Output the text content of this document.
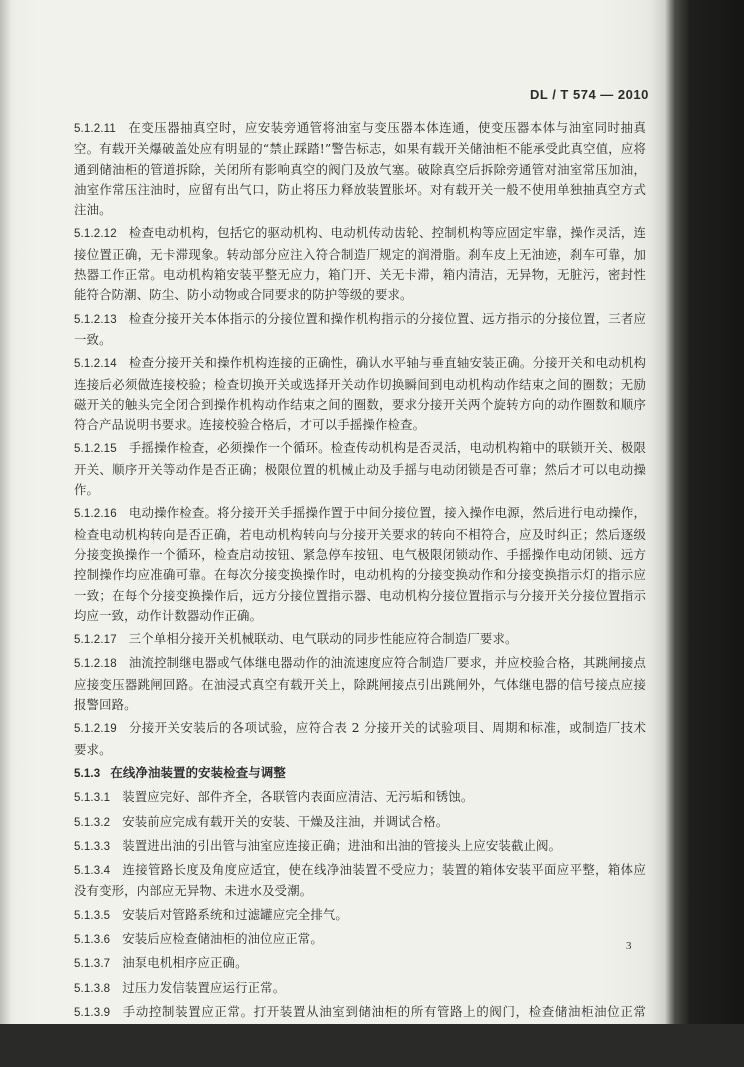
DL / T 574 — 2010

5.1.2.11 在变压器抽真空时，应安装旁通管将油室与变压器本体连通，使变压器本体与油室同时抽真空。有载开关爆破盖处应有明显的“禁止踩踏!”警告标志，如果有载开关储油柜不能承受此真空值，应将通到储油柜的管道拆除，关闭所有影响真空的阀门及放气塞。破除真空后拆除旁通管对油室常压加油，油室作常压注油时，应留有出气口，防止将压力释放装置胀坏。对有载开关一般不使用单独抽真空方式注油。

5.1.2.12 检查电动机构，包括它的驱动机构、电动机传动齿轮、控制机构等应固定牢靠，操作灵活，连接位置正确，无卡滞现象。转动部分应注入符合制造厂规定的润滑脂。刹车皮上无油迹，刹车可靠，加热器工作正常。电动机构箱安装平整无应力，箱门开、关无卡滞，箱内清洁，无异物，无脏污，密封性能符合防潮、防尘、防小动物或合同要求的防护等级的要求。

5.1.2.13 检查分接开关本体指示的分接位置和操作机构指示的分接位置、远方指示的分接位置，三者应一致。

5.1.2.14 检查分接开关和操作机构连接的正确性，确认水平轴与垂直轴安装正确。分接开关和电动机构连接后必须做连接校验；检查切换开关或选择开关动作切换瞬间到电动机构动作结束之间的圈数；无励磁开关的触头完全闭合到操作机构动作结束之间的圈数，要求分接开关两个旋转方向的动作圈数和顺序符合产品说明书要求。连接校验合格后，才可以手摇操作检查。

5.1.2.15 手摇操作检查，必须操作一个循环。检查传动机构是否灵活，电动机构箱中的联锁开关、极限开关、顺序开关等动作是否正确；极限位置的机械止动及手摇与电动闭锁是否可靠；然后才可以电动操作。

5.1.2.16 电动操作检查。将分接开关手摇操作置于中间分接位置，接入操作电源，然后进行电动操作，检查电动机构转向是否正确，若电动机构转向与分接开关要求的转向不相符合，应及时纠正；然后逐级分接变换操作一个循环，检查启动按钮、紧急停车按钮、电气极限闭锁动作、手摇操作电动闭锁、远方控制操作均应准确可靠。在每次分接变换操作时，电动机构的分接变换动作和分接变换指示灯的指示应一致；在每个分接变换操作后，远方分接位置指示器、电动机构分接位置指示与分接开关分接位置指示均应一致，动作计数器动作正确。

5.1.2.17 三个单相分接开关机械联动、电气联动的同步性能应符合制造厂要求。

5.1.2.18 油流控制继电器或气体继电器动作的油流速度应符合制造厂要求，并应校验合格，其跳闸接点应接变压器跳闸回路。在油浸式真空有载开关上，除跳闸接点引出跳闸外，气体继电器的信号接点应接报警回路。

5.1.2.19 分接开关安装后的各项试验，应符合表 2 分接开关的试验项目、周期和标准，或制造厂技术要求。

5.1.3 在线净油装置的安装检查与调整

5.1.3.1 装置应完好、部件齐全，各联管内表面应清洁、无污垢和锈蚀。

5.1.3.2 安装前应完成有载开关的安装、干燥及注油，并调试合格。

5.1.3.3 装置进出油的引出管与油室应连接正确；进油和出油的管接头上应安装截止阀。

5.1.3.4 连接管路长度及角度应适宜，使在线净油装置不受应力；装置的箱体安装平面应平整，箱体应没有变形，内部应无异物、未进水及受潮。

5.1.3.5 安装后对管路系统和过滤罐应完全排气。

5.1.3.6 安装后应检查储油柜的油位应正常。

5.1.3.7 油泵电机相序应正确。

5.1.3.8 过压力发信装置应运行正常。

5.1.3.9 手动控制装置应正常。打开装置从油室到储油柜的所有管路上的阀门，检查储油柜油位正常后，按制造厂的说明接入电源，用手动启动的方式，试运行 1h 后，检查管路及箱内各部位应无渗漏油的现象。

3
